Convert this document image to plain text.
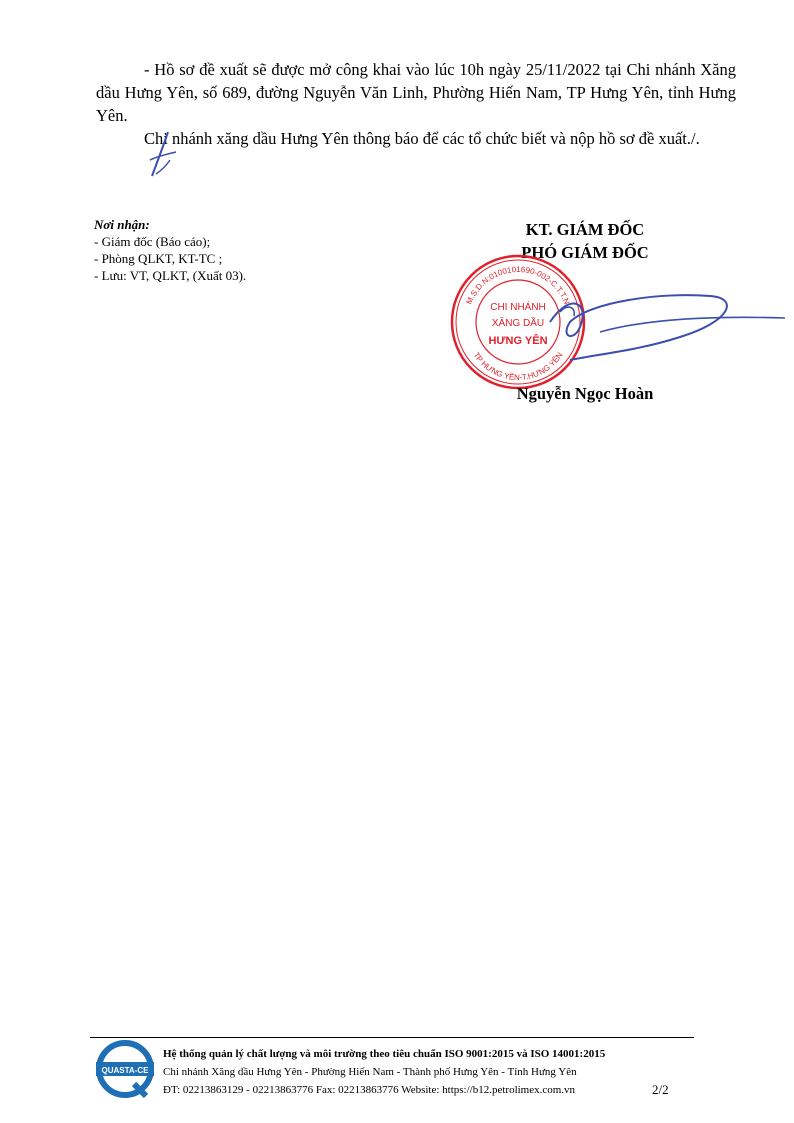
- Hồ sơ đề xuất sẽ được mở công khai vào lúc 10h ngày 25/11/2022 tại Chi nhánh Xăng dầu Hưng Yên, số 689, đường Nguyễn Văn Linh, Phường Hiến Nam, TP Hưng Yên, tỉnh Hưng Yên.

Chi nhánh xăng dầu Hưng Yên thông báo để các tổ chức biết và nộp hồ sơ đề xuất./.

Nơi nhận:
- Giám đốc (Báo cáo);
- Phòng QLKT, KT-TC ;
- Lưu: VT, QLKT, (Xuất 03).
KT. GIÁM ĐỐC
PHÓ GIÁM ĐỐC
M.S.D.N:0100101690-002-C.T.T.N
TP HƯNG YÊN-T.HƯNG YÊN
CHI NHÁNH
XĂNG DẦU
HƯNG YÊN
Nguyễn Ngọc Hoàn
QUASTA-CE
Hệ thống quản lý chất lượng và môi trường theo tiêu chuẩn ISO 9001:2015 và ISO 14001:2015
Chi nhánh Xăng dầu Hưng Yên - Phường Hiến Nam - Thành phố Hưng Yên - Tỉnh Hưng Yên
ĐT: 02213863129 - 02213863776 Fax: 02213863776 Website: https://b12.petrolimex.com.vn	2/2
